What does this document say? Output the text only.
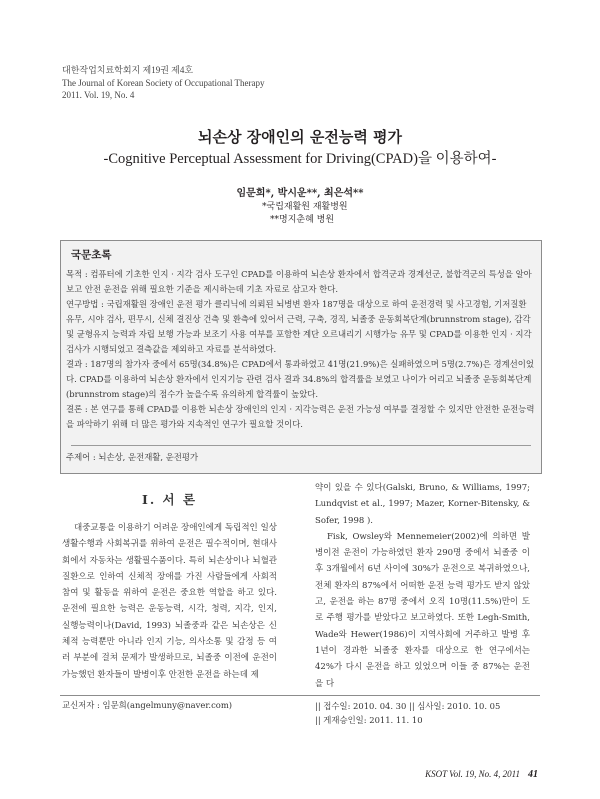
대한작업치료학회지 제19권 제4호
The Journal of Korean Society of Occupational Therapy
2011. Vol. 19, No. 4
뇌손상 장애인의 운전능력 평가
-Cognitive Perceptual Assessment for Driving(CPAD)을 이용하여-
임문희*, 박시운**, 최은석**
*국립재활원 재활병원
**명지춘혜 병원
국문초록

목적 : 컴퓨터에 기초한 인지 · 지각 검사 도구인 CPAD를 이용하여 뇌손상 환자에서 합격군과 경계선군, 불합격군의 특성을 알아보고 안전 운전을 위해 필요한 기준을 제시하는데 기초 자료로 삼고자 한다.

연구방법 : 국립재활원 장애인 운전 평가 클리닉에 의뢰된 뇌병변 환자 187명을 대상으로 하여 운전경력 및 사고경험, 기저질환 유무, 시야 검사, 편무시, 신체 결진상 건측 및 환측에 있어서 근력, 구축, 경직, 뇌졸중 운동회복단계(brunnstrom stage), 감각 및 균형유지 능력과 자립 보행 가능과 보조기 사용 여부를 포함한 계단 오르내리기 시행가능 유무 및 CPAD를 이용한 인지 · 지각검사가 시행되었고 결측값을 제외하고 자료를 분석하였다.

결과 : 187명의 참가자 중에서 65명(34.8%)은 CPAD에서 통과하였고 41명(21.9%)은 실패하였으며 5명(2.7%)은 경계선이었다. CPAD를 이용하여 뇌손상 환자에서 인지기능 관련 검사 결과 34.8%의 합격률을 보였고 나이가 어리고 뇌졸중 운동회복단계(brunnstrom stage)의 점수가 높을수록 유의하게 합격률이 높았다.

결론 : 본 연구를 통해 CPAD를 이용한 뇌손상 장애인의 인지 · 지각능력은 운전 가능성 여부를 결정할 수 있지만 안전한 운전능력을 파악하기 위해 더 많은 평가와 지속적인 연구가 필요할 것이다.

주제어 : 뇌손상, 운전재활, 운전평가
Ⅰ. 서 론

대중교통을 이용하기 어려운 장애인에게 독립적인 일상생활수행과 사회복귀를 위하여 운전은 필수적이며, 현대사회에서 자동차는 생활필수품이다. 특히 뇌손상이나 뇌혈관 질환으로 인하여 신체적 장애를 가진 사람들에게 사회적 참여 및 활동을 위하여 운전은 중요한 역할을 하고 있다. 운전에 필요한 능력은 운동능력, 시각, 청력, 지각, 인지, 실행능력이나(David, 1993) 뇌졸중과 같은 뇌손상은 신체적 능력뿐만 아니라 인지 기능, 의사소통 및 감정 등 여러 부분에 걸쳐 문제가 발생하므로, 뇌졸중 이전에 운전이 가능했던 환자들이 발병이후 안전한 운전을 하는데 제

약이 있을 수 있다(Galski, Bruno, & Williams, 1997; Lundqvist et al., 1997; Mazer, Korner-Bitensky, & Sofer, 1998 ).

Fisk, Owsley와 Mennemeier(2002)에 의하면 발병이전 운전이 가능하였던 환자 290명 중에서 뇌졸중 이후 3개월에서 6년 사이에 30%가 운전으로 복귀하였으나, 전체 환자의 87%에서 어떠한 운전 능력 평가도 받지 않았고, 운전을 하는 87명 중에서 오직 10명(11.5%)만이 도로 주행 평가를 받았다고 보고하였다. 또한 Legh-Smith, Wade와 Hewer(1986)이 지역사회에 거주하고 발병 후 1년이 경과한 뇌졸중 환자를 대상으로 한 연구에서는 42%가 다시 운전을 하고 있었으며 이들 중 87%는 운전을 다

교신저자 : 임문희(angelmuny@naver.com)	|| 접수일: 2010. 04. 30 || 심사일: 2010. 10. 05
|| 게재승인일: 2011. 11. 10
KSOT Vol. 19, No. 4, 2011 41
